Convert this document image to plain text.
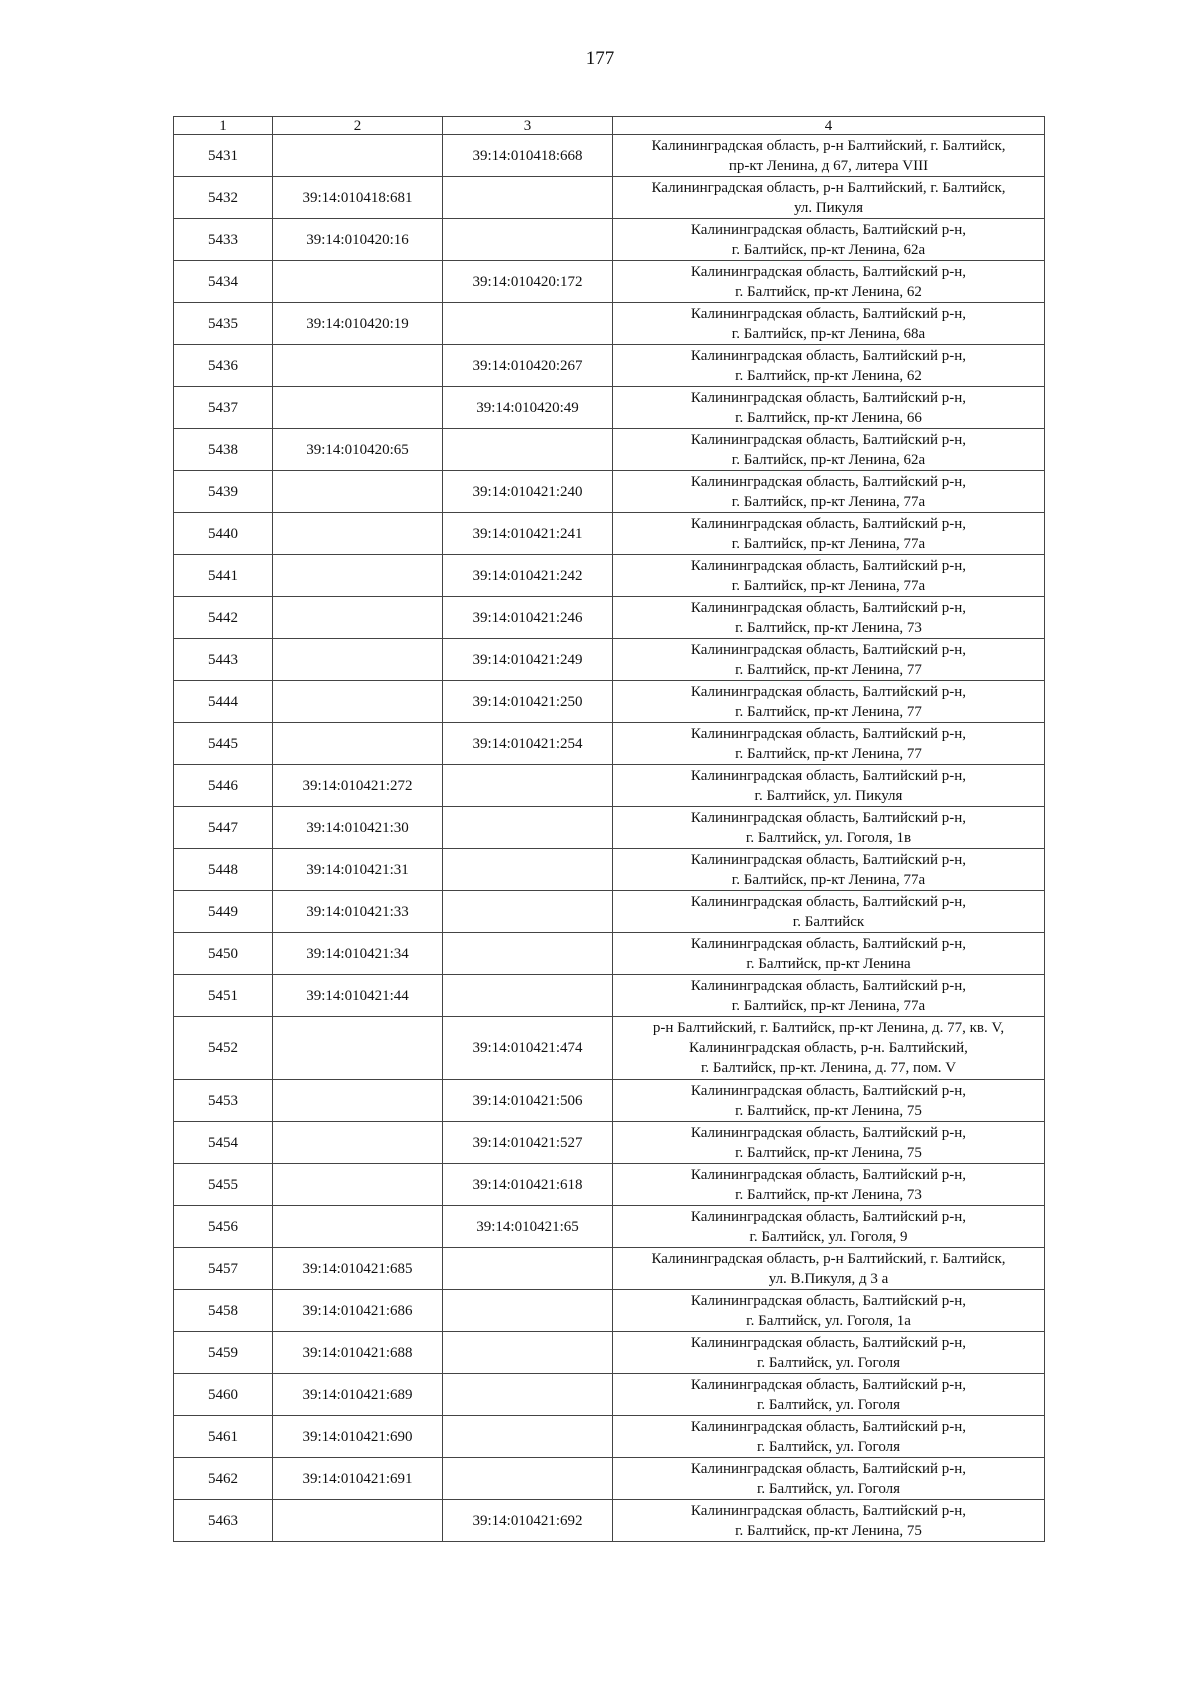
177
1	2	3	4
5431		39:14:010418:668	Калининградская область, р-н Балтийский, г. Балтийск,
пр-кт Ленина, д 67, литера VIII
5432	39:14:010418:681		Калининградская область, р-н Балтийский, г. Балтийск,
ул. Пикуля
5433	39:14:010420:16		Калининградская область, Балтийский р-н,
г. Балтийск, пр-кт Ленина, 62а
5434		39:14:010420:172	Калининградская область, Балтийский р-н,
г. Балтийск, пр-кт Ленина, 62
5435	39:14:010420:19		Калининградская область, Балтийский р-н,
г. Балтийск, пр-кт Ленина, 68а
5436		39:14:010420:267	Калининградская область, Балтийский р-н,
г. Балтийск, пр-кт Ленина, 62
5437		39:14:010420:49	Калининградская область, Балтийский р-н,
г. Балтийск, пр-кт Ленина, 66
5438	39:14:010420:65		Калининградская область, Балтийский р-н,
г. Балтийск, пр-кт Ленина, 62а
5439		39:14:010421:240	Калининградская область, Балтийский р-н,
г. Балтийск, пр-кт Ленина, 77а
5440		39:14:010421:241	Калининградская область, Балтийский р-н,
г. Балтийск, пр-кт Ленина, 77а
5441		39:14:010421:242	Калининградская область, Балтийский р-н,
г. Балтийск, пр-кт Ленина, 77а
5442		39:14:010421:246	Калининградская область, Балтийский р-н,
г. Балтийск, пр-кт Ленина, 73
5443		39:14:010421:249	Калининградская область, Балтийский р-н,
г. Балтийск, пр-кт Ленина, 77
5444		39:14:010421:250	Калининградская область, Балтийский р-н,
г. Балтийск, пр-кт Ленина, 77
5445		39:14:010421:254	Калининградская область, Балтийский р-н,
г. Балтийск, пр-кт Ленина, 77
5446	39:14:010421:272		Калининградская область, Балтийский р-н,
г. Балтийск, ул. Пикуля
5447	39:14:010421:30		Калининградская область, Балтийский р-н,
г. Балтийск, ул. Гоголя, 1в
5448	39:14:010421:31		Калининградская область, Балтийский р-н,
г. Балтийск, пр-кт Ленина, 77а
5449	39:14:010421:33		Калининградская область, Балтийский р-н,
г. Балтийск
5450	39:14:010421:34		Калининградская область, Балтийский р-н,
г. Балтийск, пр-кт Ленина
5451	39:14:010421:44		Калининградская область, Балтийский р-н,
г. Балтийск, пр-кт Ленина, 77а
5452		39:14:010421:474	р-н Балтийский, г. Балтийск, пр-кт Ленина, д. 77, кв. V,
Калининградская область, р-н. Балтийский,
г. Балтийск, пр-кт. Ленина, д. 77, пом. V
5453		39:14:010421:506	Калининградская область, Балтийский р-н,
г. Балтийск, пр-кт Ленина, 75
5454		39:14:010421:527	Калининградская область, Балтийский р-н,
г. Балтийск, пр-кт Ленина, 75
5455		39:14:010421:618	Калининградская область, Балтийский р-н,
г. Балтийск, пр-кт Ленина, 73
5456		39:14:010421:65	Калининградская область, Балтийский р-н,
г. Балтийск, ул. Гоголя, 9
5457	39:14:010421:685		Калининградская область, р-н Балтийский, г. Балтийск,
ул. В.Пикуля, д 3 а
5458	39:14:010421:686		Калининградская область, Балтийский р-н,
г. Балтийск, ул. Гоголя, 1а
5459	39:14:010421:688		Калининградская область, Балтийский р-н,
г. Балтийск, ул. Гоголя
5460	39:14:010421:689		Калининградская область, Балтийский р-н,
г. Балтийск, ул. Гоголя
5461	39:14:010421:690		Калининградская область, Балтийский р-н,
г. Балтийск, ул. Гоголя
5462	39:14:010421:691		Калининградская область, Балтийский р-н,
г. Балтийск, ул. Гоголя
5463		39:14:010421:692	Калининградская область, Балтийский р-н,
г. Балтийск, пр-кт Ленина, 75
